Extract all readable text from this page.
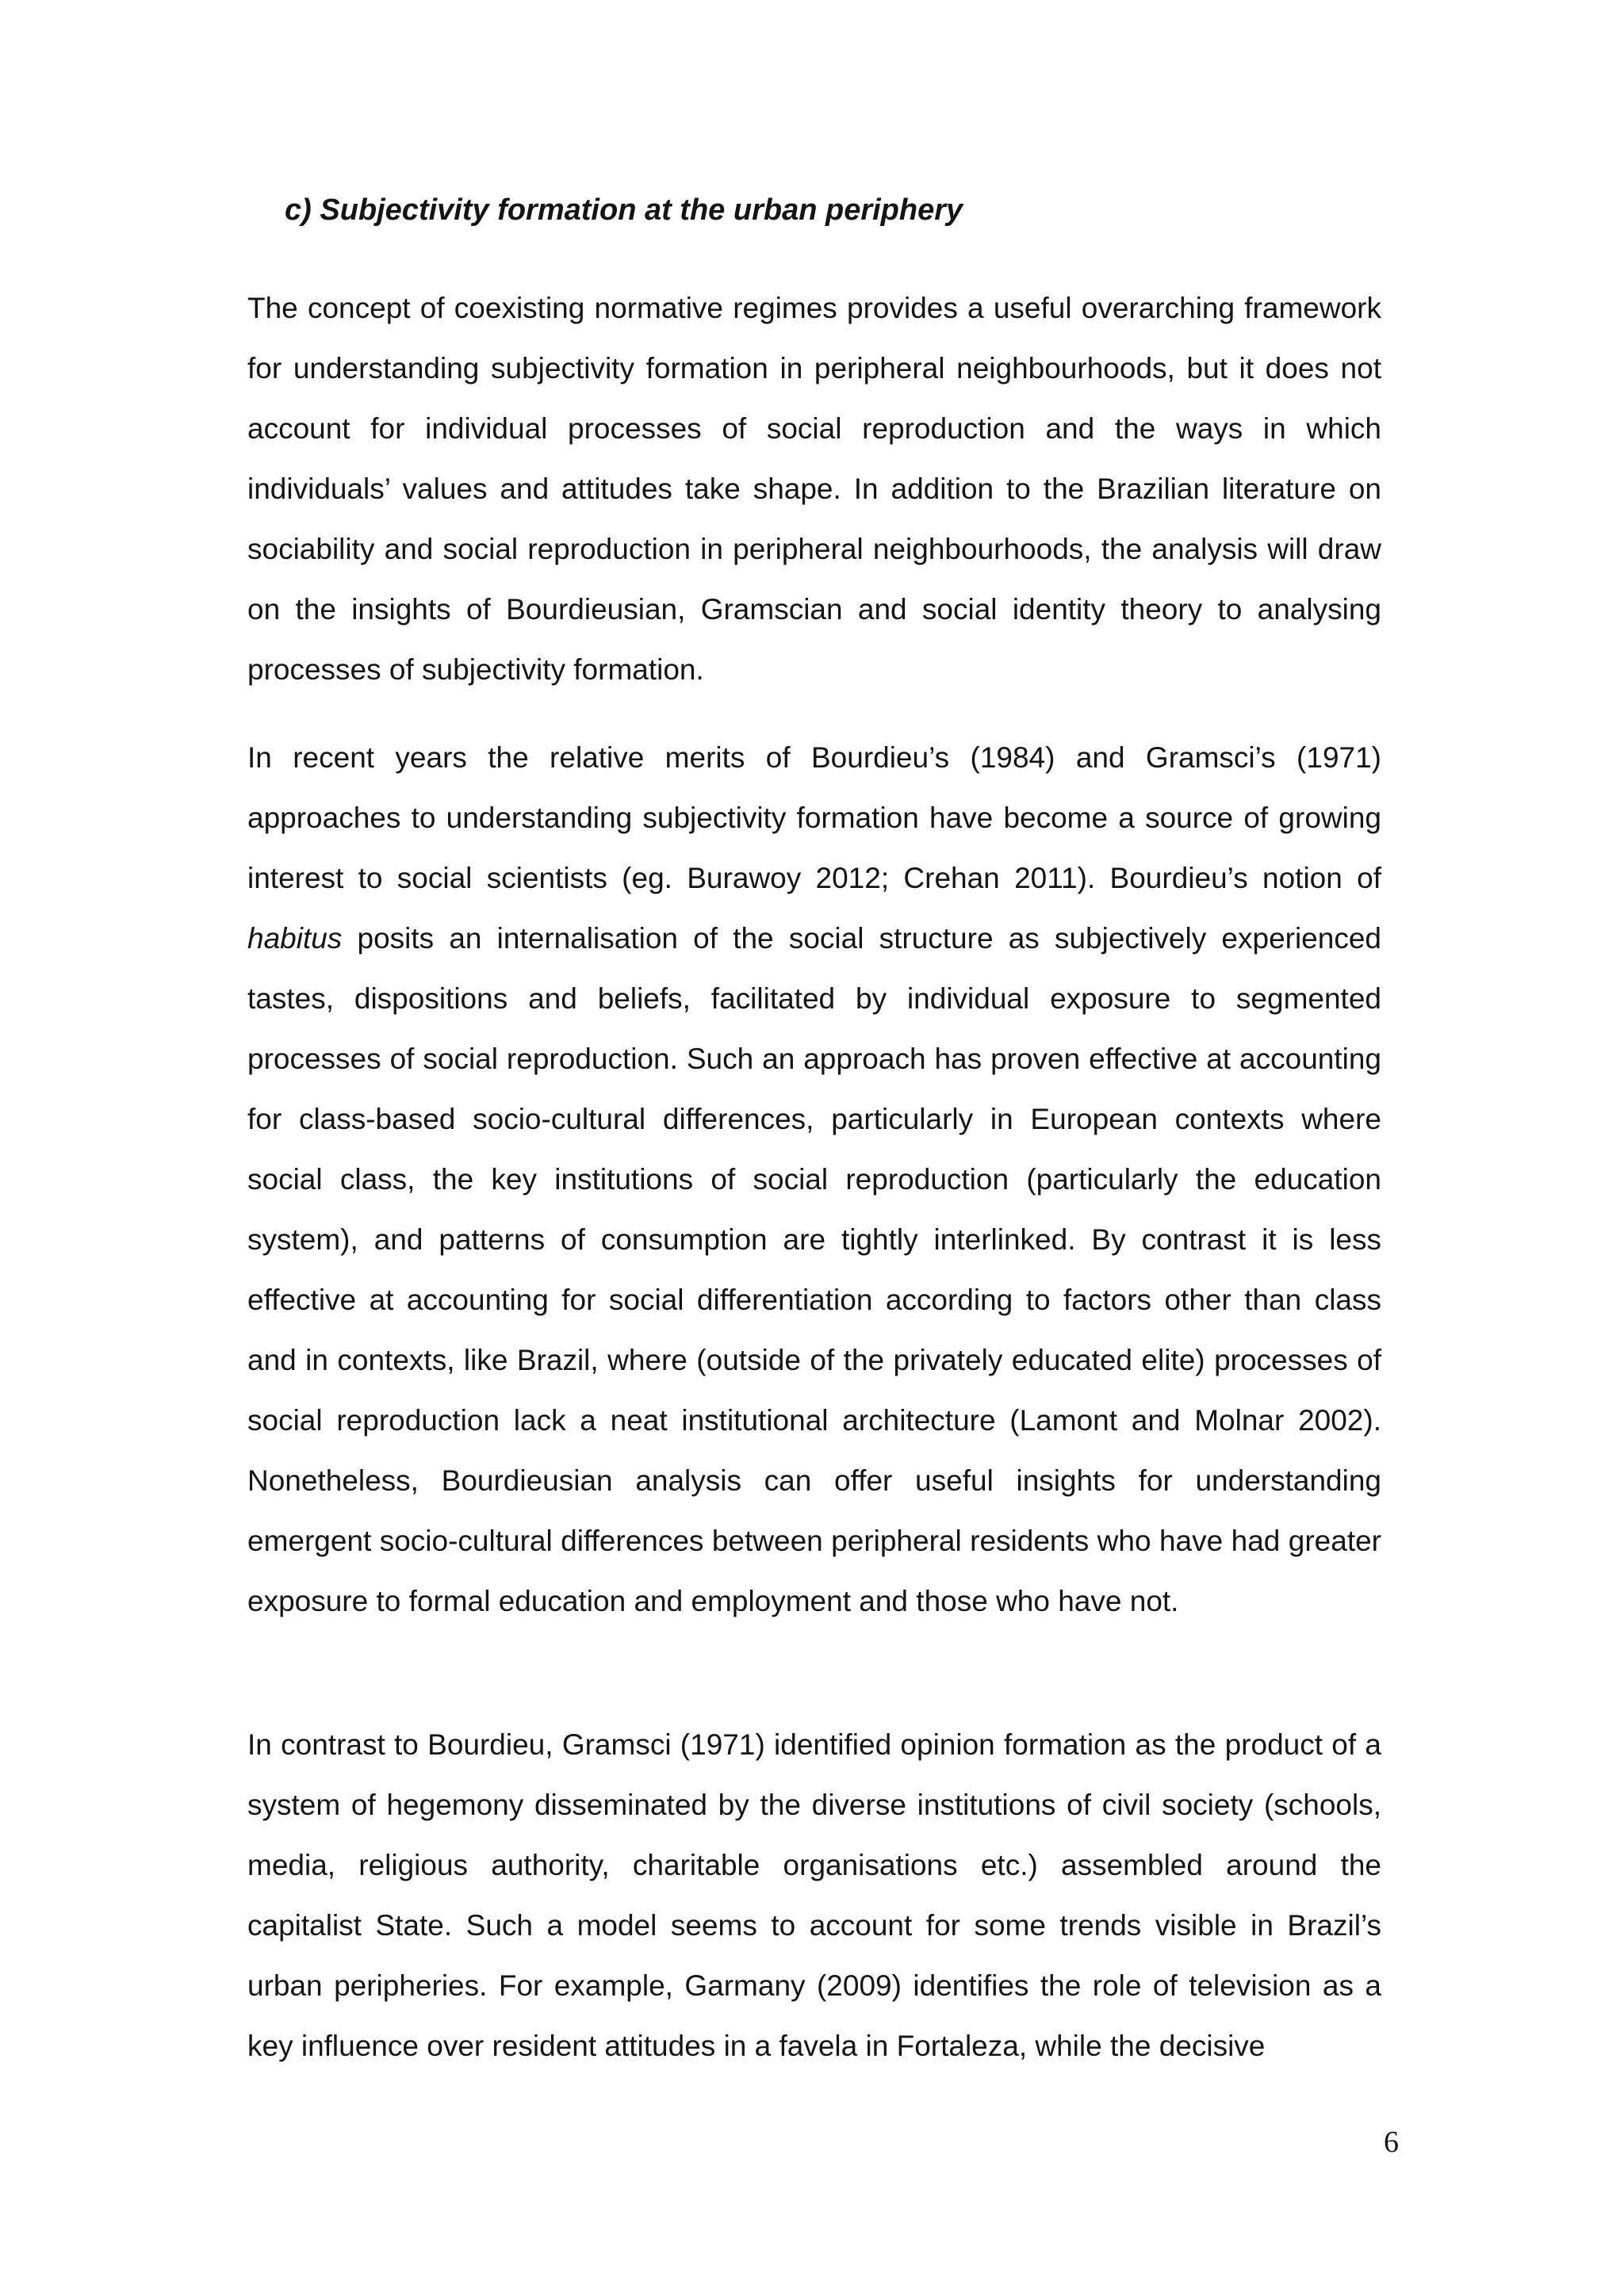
c) Subjectivity formation at the urban periphery

The concept of coexisting normative regimes provides a useful overarching framework for understanding subjectivity formation in peripheral neighbourhoods, but it does not account for individual processes of social reproduction and the ways in which individuals’ values and attitudes take shape. In addition to the Brazilian literature on sociability and social reproduction in peripheral neighbourhoods, the analysis will draw on the insights of Bourdieusian, Gramscian and social identity theory to analysing processes of subjectivity formation.

In recent years the relative merits of Bourdieu’s (1984) and Gramsci’s (1971) approaches to understanding subjectivity formation have become a source of growing interest to social scientists (eg. Burawoy 2012; Crehan 2011). Bourdieu’s notion of habitus posits an internalisation of the social structure as subjectively experienced tastes, dispositions and beliefs, facilitated by individual exposure to segmented processes of social reproduction. Such an approach has proven effective at accounting for class-based socio-cultural differences, particularly in European contexts where social class, the key institutions of social reproduction (particularly the education system), and patterns of consumption are tightly interlinked. By contrast it is less effective at accounting for social differentiation according to factors other than class and in contexts, like Brazil, where (outside of the privately educated elite) processes of social reproduction lack a neat institutional architecture (Lamont and Molnar 2002). Nonetheless, Bourdieusian analysis can offer useful insights for understanding emergent socio-cultural differences between peripheral residents who have had greater exposure to formal education and employment and those who have not.

In contrast to Bourdieu, Gramsci (1971) identified opinion formation as the product of a system of hegemony disseminated by the diverse institutions of civil society (schools, media, religious authority, charitable organisations etc.) assembled around the capitalist State. Such a model seems to account for some trends visible in Brazil’s urban peripheries. For example, Garmany (2009) identifies the role of television as a key influence over resident attitudes in a favela in Fortaleza, while the decisive

6
